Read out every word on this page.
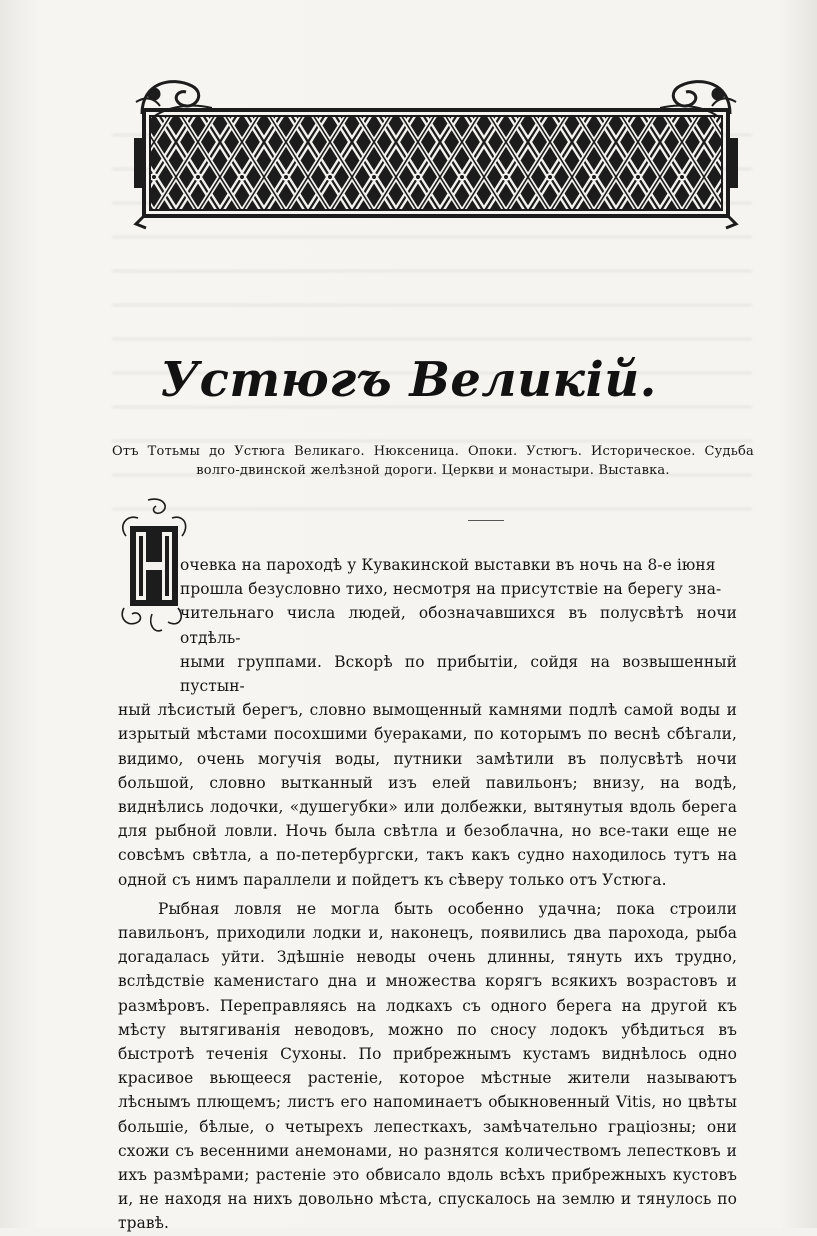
Устюгъ Великій.
Отъ Тотьмы до Устюга Великаго. Нюксеница. Опоки. Устюгъ. Историческое. Судьба волго-двинской желѣзной дороги. Церкви и монастыри. Выставка.
Н

очевка на пароходѣ у Кувакинской выставки въ ночь на 8-е іюня
прошла безусловно тихо, несмотря на присутствіе на берегу зна-
чительнаго числа людей, обозначавшихся въ полусвѣтѣ ночи отдѣль-
ными группами. Вскорѣ по прибытіи, сойдя на возвышенный пустын-
ный лѣсистый берегъ, словно вымощенный камнями подлѣ самой воды и изрытый мѣстами посохшими буераками, по которымъ по веснѣ сбѣгали, видимо, очень могучія воды, путники замѣтили въ полусвѣтѣ ночи большой, словно вытканный изъ елей павильонъ; внизу, на водѣ, виднѣлись лодочки, «душегубки» или долбежки, вытянутыя вдоль берега для рыбной ловли. Ночь была свѣтла и безоблачна, но все-таки еще не совсѣмъ свѣтла, а по-петербургски, такъ какъ судно находилось тутъ на одной съ нимъ параллели и пойдетъ къ сѣверу только отъ Устюга.

Рыбная ловля не могла быть особенно удачна; пока строили павильонъ, приходили лодки и, наконецъ, появились два парохода, рыба догадалась уйти. Здѣшніе неводы очень длинны, тянуть ихъ трудно, вслѣдствіе каменистаго дна и множества корягъ всякихъ возрастовъ и размѣровъ. Переправляясь на лодкахъ съ одного берега на другой къ мѣсту вытягиванія неводовъ, можно по сносу лодокъ убѣдиться въ быстротѣ теченія Сухоны. По прибрежнымъ кустамъ виднѣлось одно красивое вьющееся растеніе, которое мѣстные жители называютъ лѣснымъ плющемъ; листъ его напоминаетъ обыкновенный Vitis, но цвѣты большіе, бѣлые, о четырехъ лепесткахъ, замѣчательно граціозны; они схожи съ весенними анемонами, но разнятся количествомъ лепестковъ и ихъ размѣрами; растеніе это обвисало вдоль всѣхъ прибрежныхъ кустовъ и, не находя на нихъ довольно мѣста, спускалось на землю и тянулось по травѣ.
